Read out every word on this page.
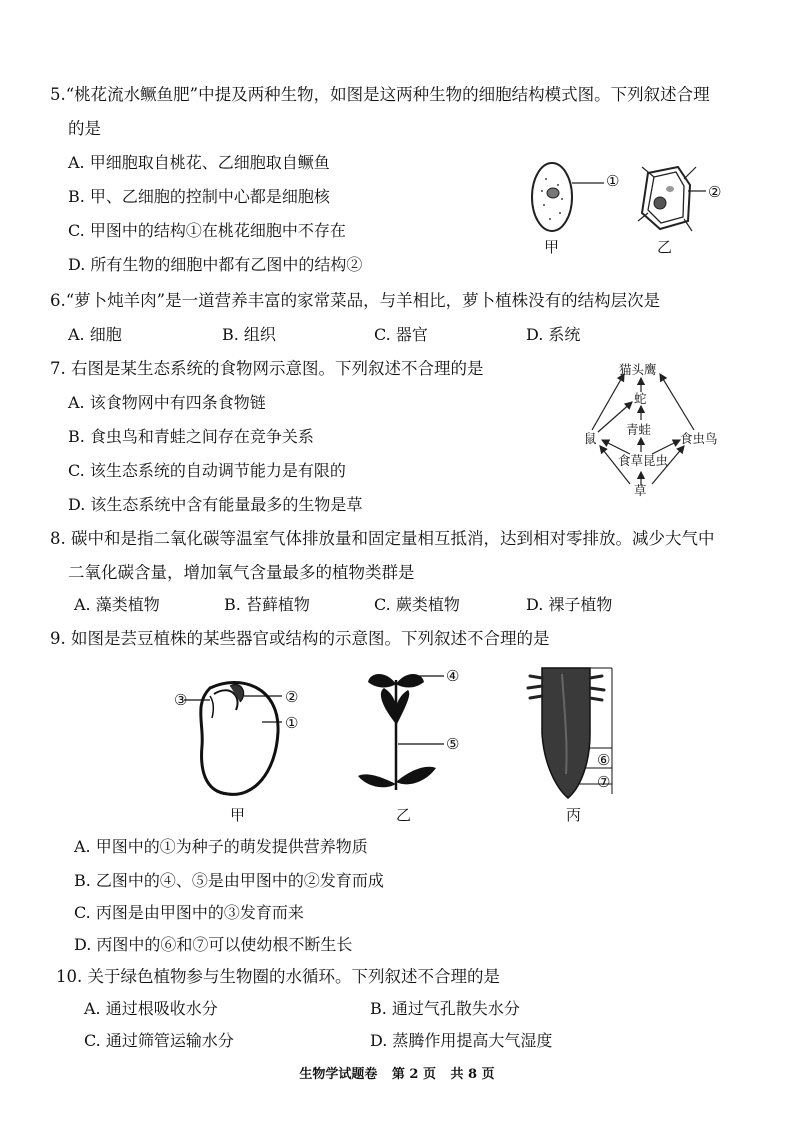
5.“桃花流水鳜鱼肥”中提及两种生物，如图是这两种生物的细胞结构模式图。下列叙述合理
的是
A. 甲细胞取自桃花、乙细胞取自鳜鱼
B. 甲、乙细胞的控制中心都是细胞核
C. 甲图中的结构①在桃花细胞中不存在
D. 所有生物的细胞中都有乙图中的结构②
①
②
甲	乙
6.“萝卜炖羊肉”是一道营养丰富的家常菜品，与羊相比，萝卜植株没有的结构层次是
A. 细胞	B. 组织	C. 器官	D. 系统
7. 右图是某生态系统的食物网示意图。下列叙述不合理的是
A. 该食物网中有四条食物链
B. 食虫鸟和青蛙之间存在竞争关系
C. 该生态系统的自动调节能力是有限的
D. 该生态系统中含有能量最多的生物是草
猫头鹰
蛇
青蛙
鼠	食虫鸟
食草昆虫
草
8. 碳中和是指二氧化碳等温室气体排放量和固定量相互抵消，达到相对零排放。减少大气中
二氧化碳含量，增加氧气含量最多的植物类群是
A. 藻类植物	B. 苔藓植物	C. 蕨类植物	D. 裸子植物
9. 如图是芸豆植株的某些器官或结构的示意图。下列叙述不合理的是
③	②
①
甲
④
⑤
乙
⑥
⑦
丙
A. 甲图中的①为种子的萌发提供营养物质
B. 乙图中的④、⑤是由甲图中的②发育而成
C. 丙图是由甲图中的③发育而来
D. 丙图中的⑥和⑦可以使幼根不断生长
10. 关于绿色植物参与生物圈的水循环。下列叙述不合理的是
A. 通过根吸收水分	B. 通过气孔散失水分
C. 通过筛管运输水分	D. 蒸腾作用提高大气湿度
生物学试题卷 第 2 页 共 8 页
